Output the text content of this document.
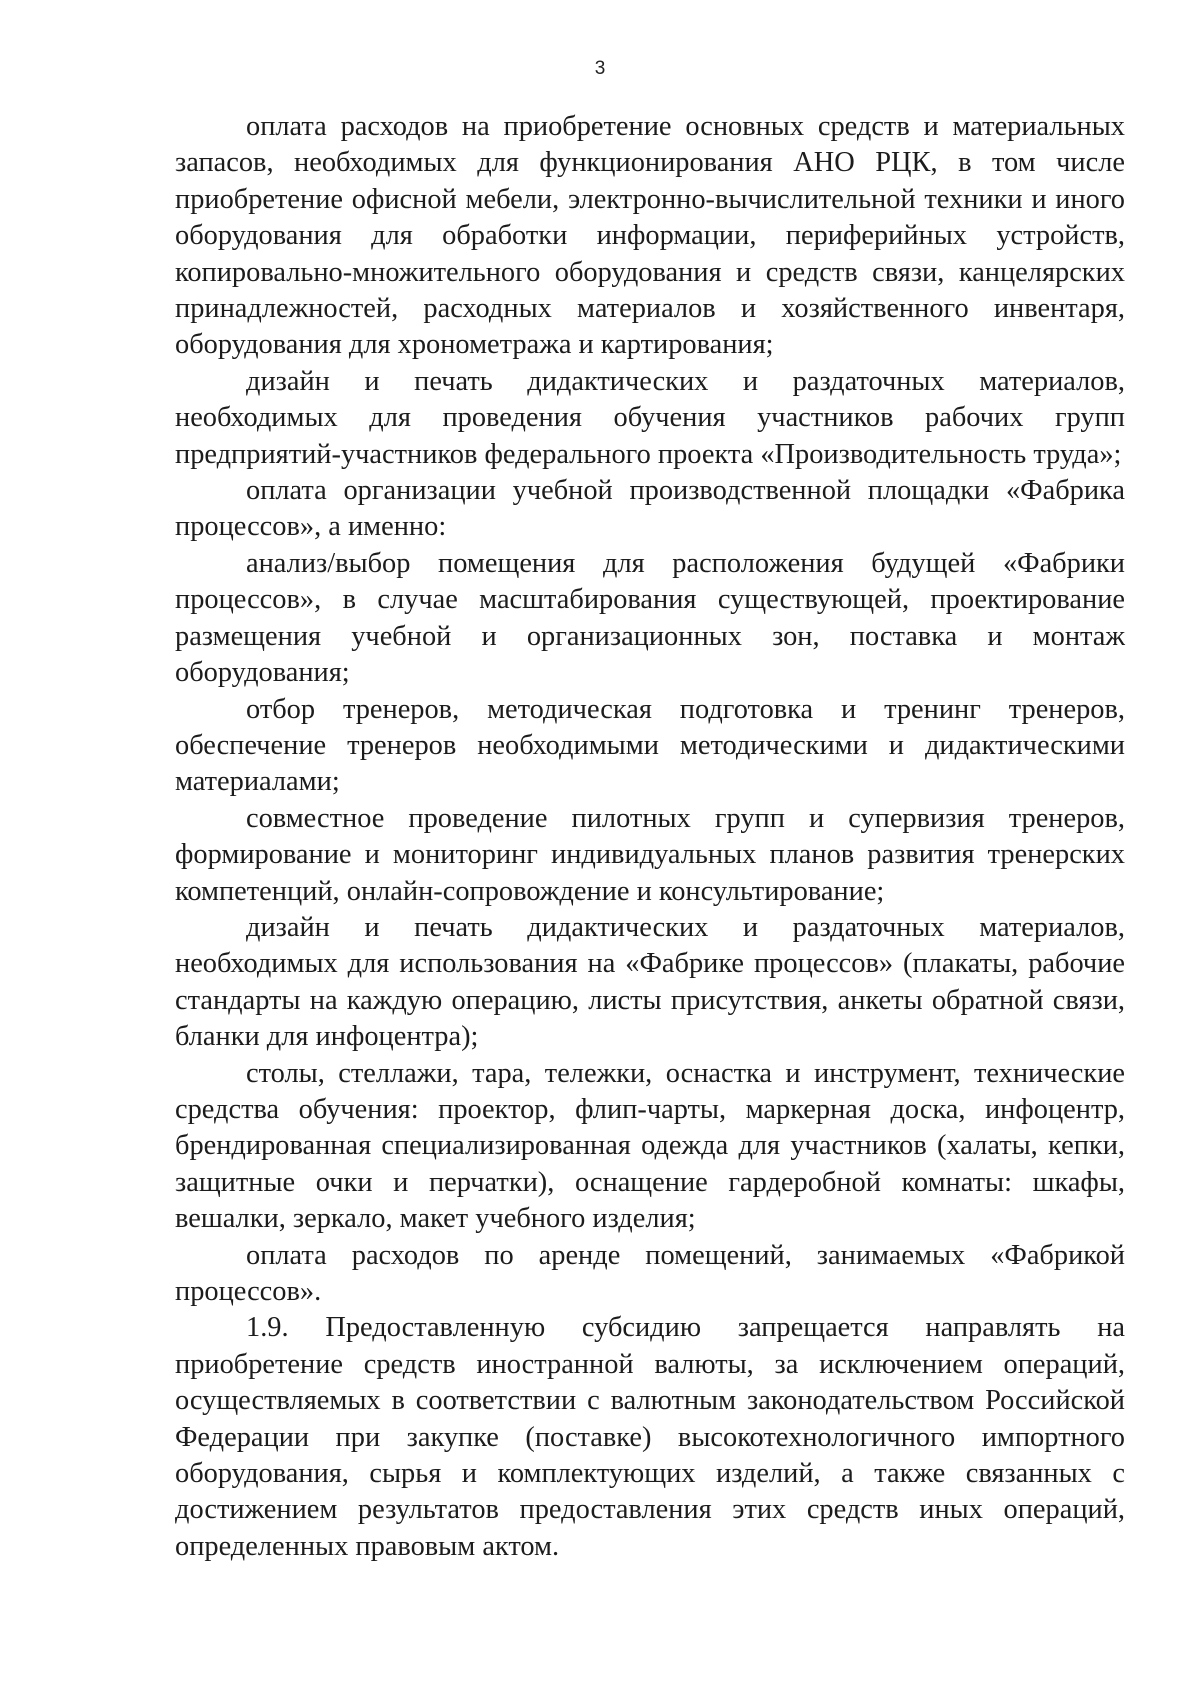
3

оплата расходов на приобретение основных средств и материальных запасов, необходимых для функционирования АНО РЦК, в том числе приобретение офисной мебели, электронно-вычислительной техники и иного оборудования для обработки информации, периферийных устройств, копировально-множительного оборудования и средств связи, канцелярских принадлежностей, расходных материалов и хозяйственного инвентаря, оборудования для хронометража и картирования;

дизайн и печать дидактических и раздаточных материалов, необходимых для проведения обучения участников рабочих групп предприятий-участников федерального проекта «Производительность труда»;

оплата организации учебной производственной площадки «Фабрика процессов», а именно:

анализ/выбор помещения для расположения будущей «Фабрики процессов», в случае масштабирования существующей, проектирование размещения учебной и организационных зон, поставка и монтаж оборудования;

отбор тренеров, методическая подготовка и тренинг тренеров, обеспечение тренеров необходимыми методическими и дидактическими материалами;

совместное проведение пилотных групп и супервизия тренеров, формирование и мониторинг индивидуальных планов развития тренерских компетенций, онлайн-сопровождение и консультирование;

дизайн и печать дидактических и раздаточных материалов, необходимых для использования на «Фабрике процессов» (плакаты, рабочие стандарты на каждую операцию, листы присутствия, анкеты обратной связи, бланки для инфоцентра);

столы, стеллажи, тара, тележки, оснастка и инструмент, технические средства обучения: проектор, флип-чарты, маркерная доска, инфоцентр, брендированная специализированная одежда для участников (халаты, кепки, защитные очки и перчатки), оснащение гардеробной комнаты: шкафы, вешалки, зеркало, макет учебного изделия;

оплата расходов по аренде помещений, занимаемых «Фабрикой процессов».

1.9. Предоставленную субсидию запрещается направлять на приобретение средств иностранной валюты, за исключением операций, осуществляемых в соответствии с валютным законодательством Российской Федерации при закупке (поставке) высокотехнологичного импортного оборудования, сырья и комплектующих изделий, а также связанных с достижением результатов предоставления этих средств иных операций, определенных правовым актом.
